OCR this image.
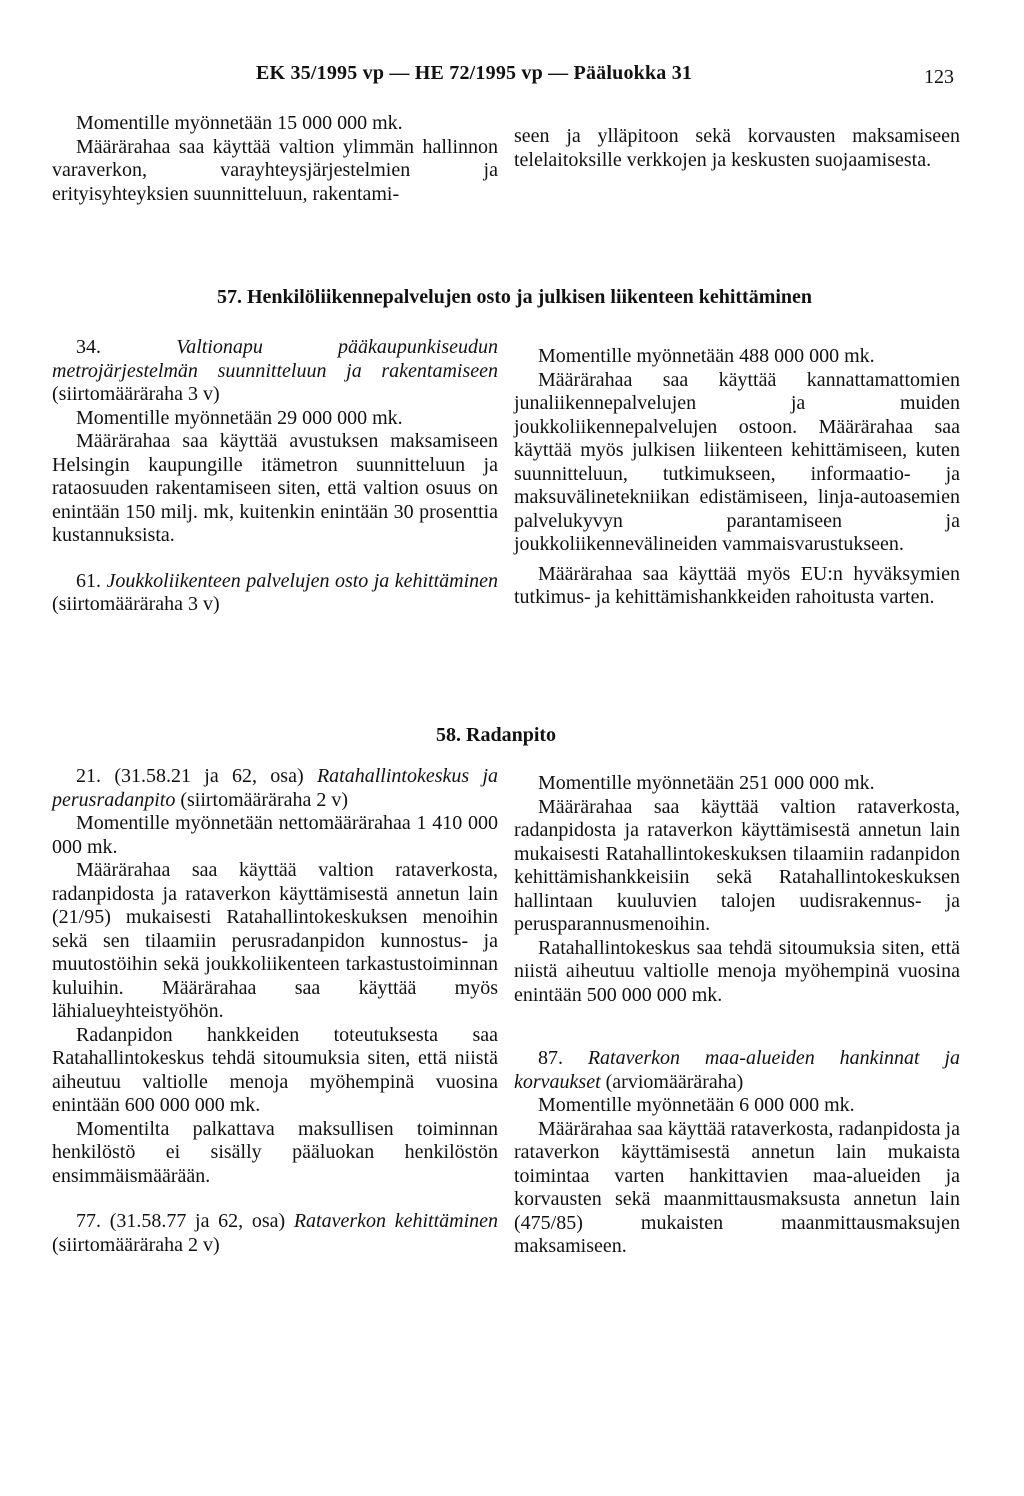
EK 35/1995 vp — HE 72/1995 vp — Pääluokka 31	123

Momentille myönnetään 15 000 000 mk.

Määrärahaa saa käyttää valtion ylimmän hallinnon varaverkon, varayhteysjärjestelmien ja erityisyhteyksien suunnitteluun, rakentami-

seen ja ylläpitoon sekä korvausten maksamiseen telelaitoksille verkkojen ja keskusten suojaamisesta.

57. Henkilöliikennepalvelujen osto ja julkisen liikenteen kehittäminen

34.	Valtionapu pääkaupunkiseudun metrojärjestelmän suunnitteluun ja rakentamiseen (siirtomääräraha 3 v)

Momentille myönnetään 29 000 000 mk.

Määrärahaa saa käyttää avustuksen maksamiseen Helsingin kaupungille itämetron suunnitteluun ja rataosuuden rakentamiseen siten, että valtion osuus on enintään 150 milj. mk, kuitenkin enintään 30 prosenttia kustannuksista.

61. Joukkoliikenteen palvelujen osto ja kehittäminen (siirtomääräraha 3 v)

Momentille myönnetään 488 000 000 mk.

Määrärahaa saa käyttää kannattamattomien junaliikennepalvelujen ja muiden joukkoliikennepalvelujen ostoon. Määrärahaa saa käyttää myös julkisen liikenteen kehittämiseen, kuten suunnitteluun, tutkimukseen, informaatio- ja maksuvälinetekniikan edistämiseen, linja-autoasemien palvelukyvyn parantamiseen ja joukkoliikennevälineiden vammaisvarustukseen.

Määrärahaa saa käyttää myös EU:n hyväksymien tutkimus- ja kehittämishankkeiden rahoitusta varten.

58. Radanpito

21. (31.58.21 ja 62, osa) Ratahallintokeskus ja perusradanpito (siirtomääräraha 2 v)

Momentille myönnetään nettomäärärahaa 1 410 000 000 mk.

Määrärahaa saa käyttää valtion rataverkosta, radanpidosta ja rataverkon käyttämisestä annetun lain (21/95) mukaisesti Ratahallintokeskuksen menoihin sekä sen tilaamiin perusradanpidon kunnostus- ja muutostöihin sekä joukkoliikenteen tarkastustoiminnan kuluihin. Määrärahaa saa käyttää myös lähialueyhteistyöhön.

Radanpidon hankkeiden toteutuksesta saa Ratahallintokeskus tehdä sitoumuksia siten, että niistä aiheutuu valtiolle menoja myöhempinä vuosina enintään 600 000 000 mk.

Momentilta palkattava maksullisen toiminnan henkilöstö ei sisälly pääluokan henkilöstön ensimmäismäärään.

77. (31.58.77 ja 62, osa) Rataverkon kehittäminen (siirtomääräraha 2 v)

Momentille myönnetään 251 000 000 mk.

Määrärahaa saa käyttää valtion rataverkosta, radanpidosta ja rataverkon käyttämisestä annetun lain mukaisesti Ratahallintokeskuksen tilaamiin radanpidon kehittämishankkeisiin sekä Ratahallintokeskuksen hallintaan kuuluvien talojen uudisrakennus- ja perusparannusmenoihin.

Ratahallintokeskus saa tehdä sitoumuksia siten, että niistä aiheutuu valtiolle menoja myöhempinä vuosina enintään 500 000 000 mk.

87. Rataverkon maa-alueiden hankinnat ja korvaukset (arviomääräraha)

Momentille myönnetään 6 000 000 mk.

Määrärahaa saa käyttää rataverkosta, radanpidosta ja rataverkon käyttämisestä annetun lain mukaista toimintaa varten hankittavien maa-alueiden ja korvausten sekä maanmittausmaksusta annetun lain (475/85) mukaisten maanmittausmaksujen maksamiseen.
